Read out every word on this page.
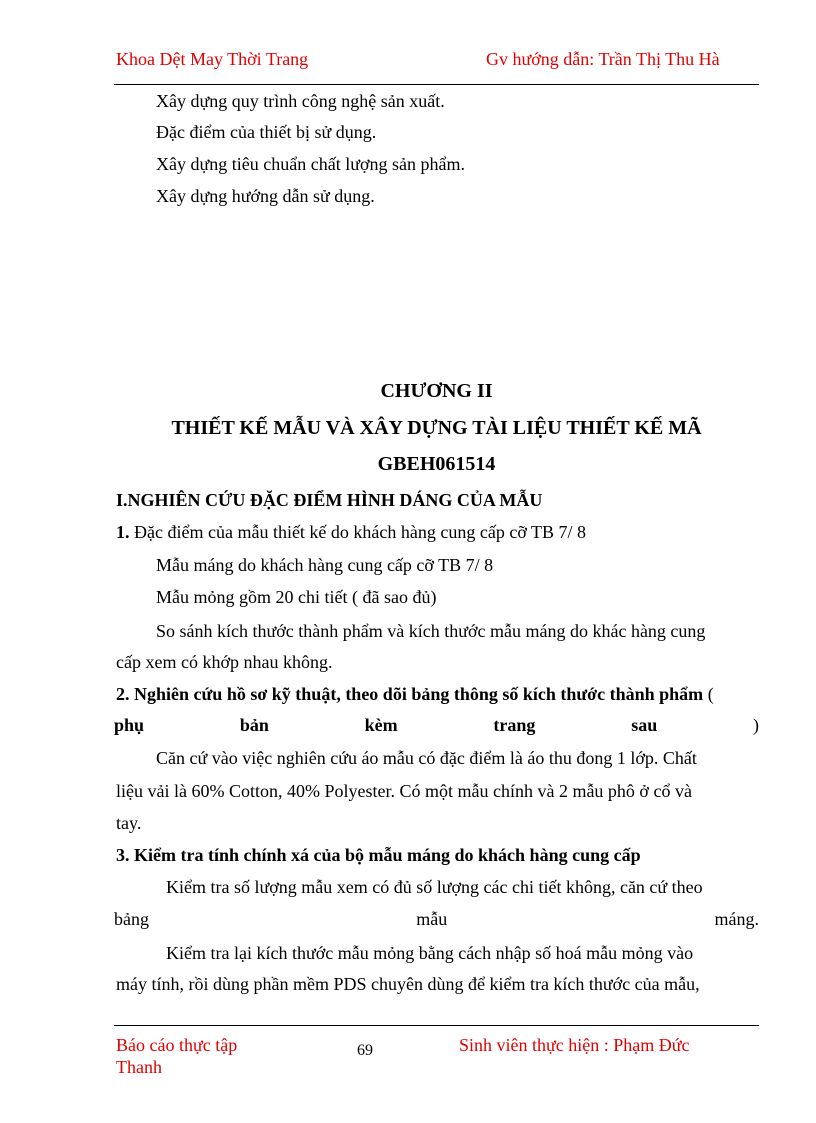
Khoa Dệt May Thời Trang	Gv hướng dẫn: Trần Thị Thu Hà
Xây dựng quy trình công nghệ sản xuất.
Đặc điểm của thiết bị sử dụng.
Xây dựng tiêu chuẩn chất lượng sản phẩm.
Xây dựng hướng dẫn sử dụng.
CHƯƠNG II
THIẾT KẾ MẪU VÀ XÂY DỰNG TÀI LIỆU THIẾT KẾ MÃ
GBEH061514
I.NGHIÊN CỨU ĐẶC ĐIỂM HÌNH DÁNG CỦA MẪU
1. Đặc điểm của mẫu thiết kế do khách hàng cung cấp cỡ TB 7/ 8
Mẫu máng do khách hàng cung cấp cỡ TB 7/ 8
Mẫu mỏng gồm 20 chi tiết ( đã sao đủ)
So sánh kích thước thành phẩm và kích thước mẫu máng do khác hàng cung
cấp xem có khớp nhau không.
2. Nghiên cứu hồ sơ kỹ thuật, theo dõi bảng thông số kích thước thành phẩm (
phụ	bản	kèm	trang	sau	)
Căn cứ vào việc nghiên cứu áo mẫu có đặc điểm là áo thu đong 1 lớp. Chất
liệu vải là 60% Cotton, 40% Polyester. Có một mẫu chính và 2 mẫu phô ở cổ và
tay.
3. Kiểm tra tính chính xá của bộ mẫu máng do khách hàng cung cấp
Kiểm tra số lượng mẫu xem có đủ số lượng các chi tiết không, căn cứ theo
bảng	mẫu	máng.
Kiểm tra lại kích thước mẫu mỏng bằng cách nhập số hoá mẫu mỏng vào
máy tính, rồi dùng phần mềm PDS chuyên dùng để kiểm tra kích thước của mẫu,
Báo cáo thực tập
Thanh
69	Sinh viên thực hiện : Phạm Đức
